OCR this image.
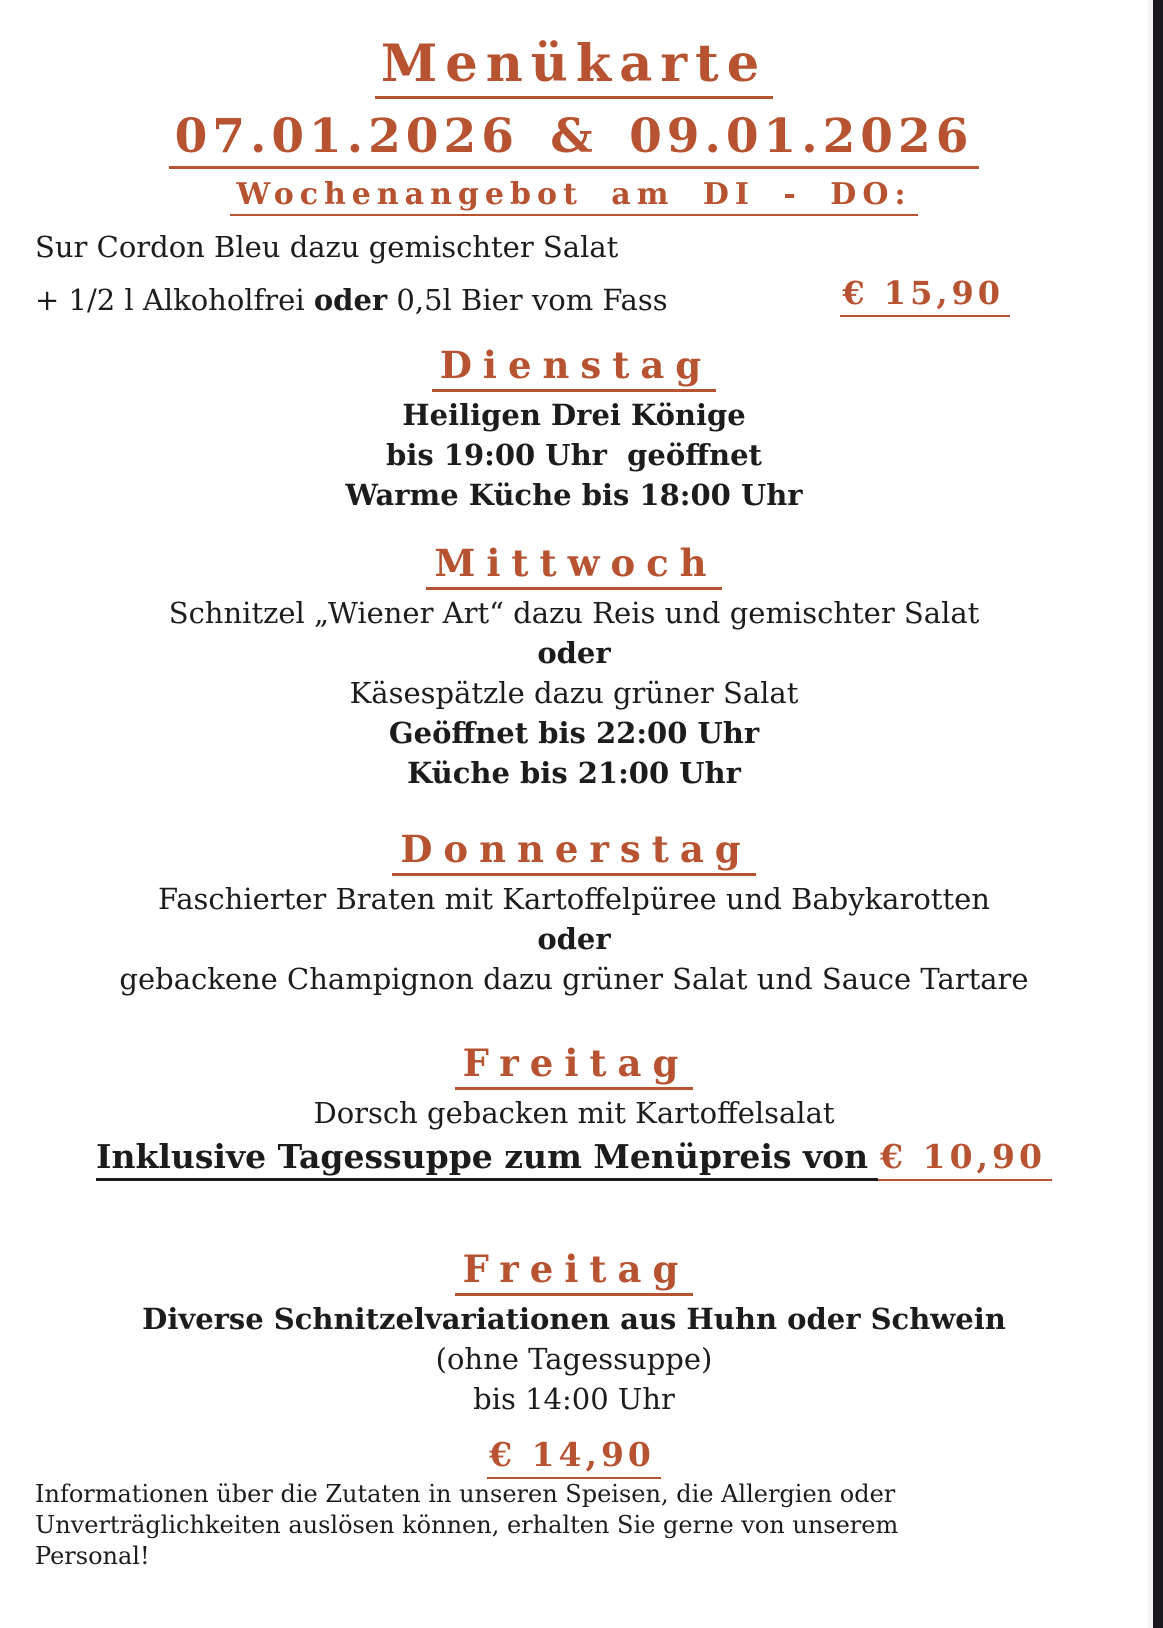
Menükarte
07.01.2026 & 09.01.2026
Wochenangebot am DI - DO:

Sur Cordon Bleu dazu gemischter Salat

+ 1/2 l Alkoholfrei oder 0,5l Bier vom Fass	€ 15,90
Dienstag

Heiligen Drei Könige

bis 19:00 Uhr  geöffnet

Warme Küche bis 18:00 Uhr

Mittwoch

Schnitzel „Wiener Art“ dazu Reis und gemischter Salat

oder

Käsespätzle dazu grüner Salat

Geöffnet bis 22:00 Uhr

Küche bis 21:00 Uhr

Donnerstag

Faschierter Braten mit Kartoffelpüree und Babykarotten

oder

gebackene Champignon dazu grüner Salat und Sauce Tartare

Freitag

Dorsch gebacken mit Kartoffelsalat

Inklusive Tagessuppe zum Menüpreis von € 10,90

Freitag

Diverse Schnitzelvariationen aus Huhn oder Schwein

(ohne Tagessuppe)

bis 14:00 Uhr

€ 14,90

Informationen über die Zutaten in unseren Speisen, die Allergien oder Unverträglichkeiten auslösen können, erhalten Sie gerne von unserem Personal!
